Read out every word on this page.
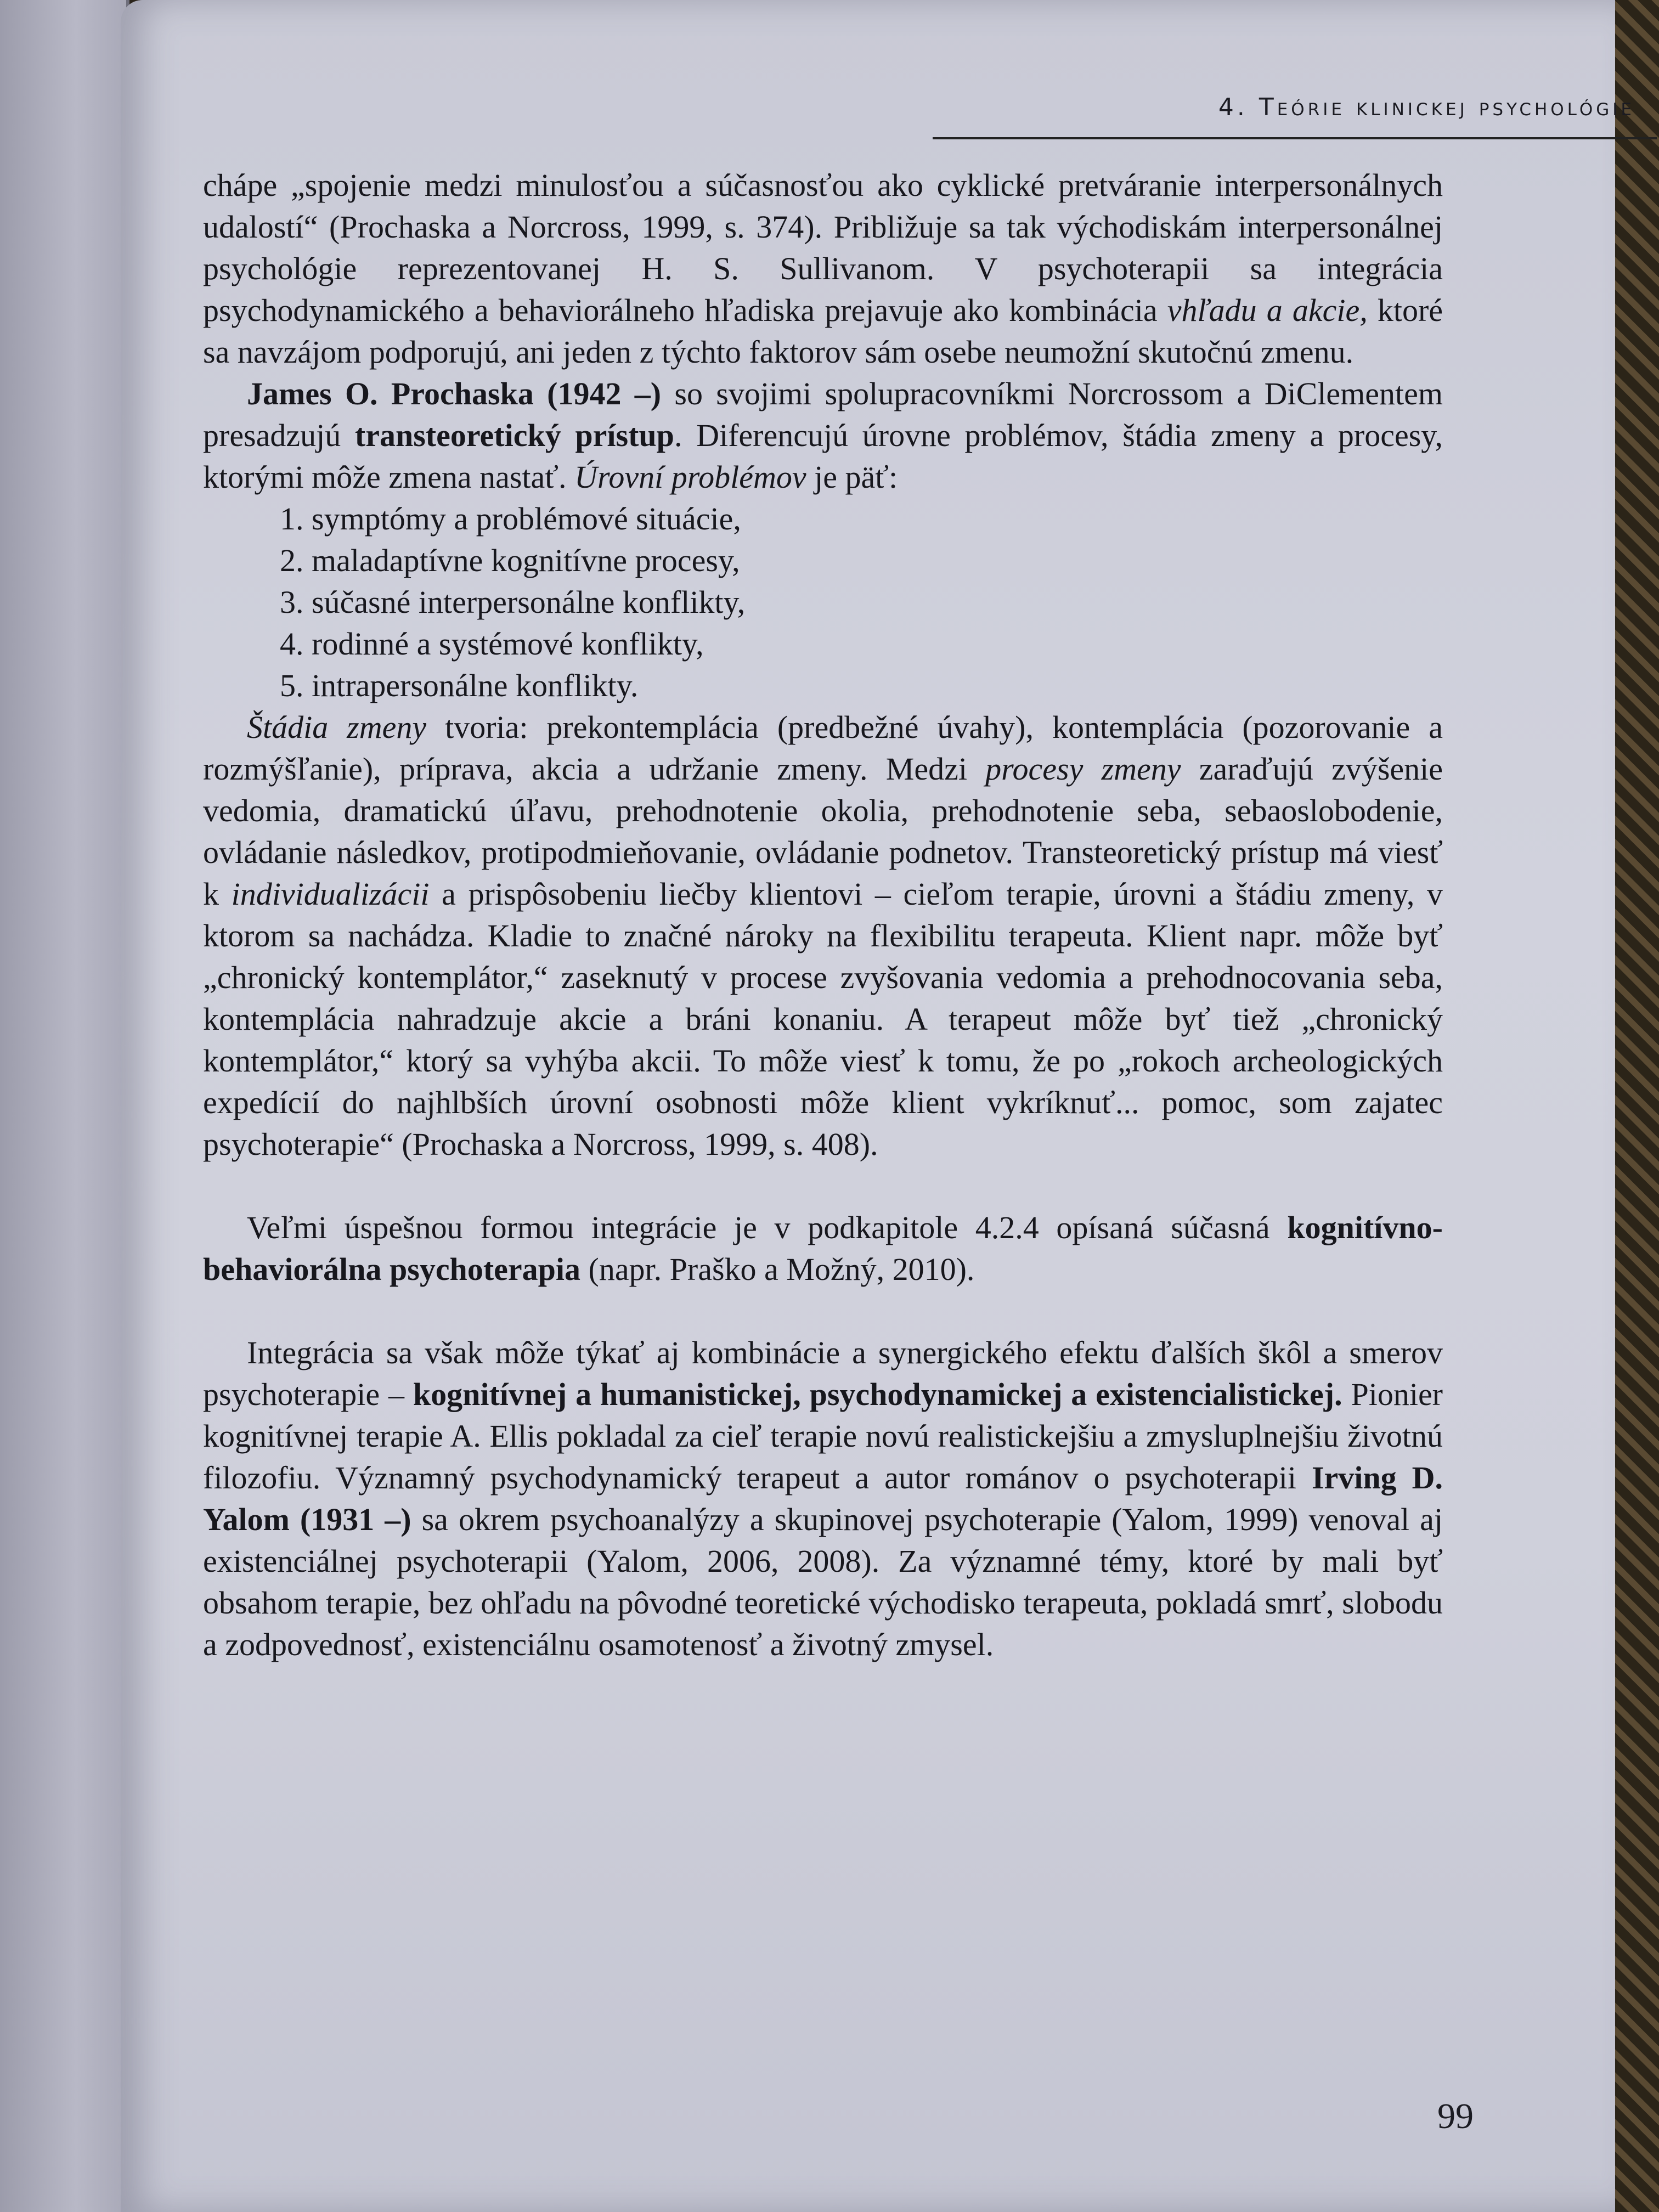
4. Teórie klinickej psychológie

chápe „spojenie medzi minulosťou a súčasnosťou ako cyklické pretváranie interpersonálnych udalostí“ (Prochaska a Norcross, 1999, s. 374). Približuje sa tak východiskám interpersonálnej psychológie reprezentovanej H. S. Sullivanom. V psychoterapii sa integrácia psychodynamického a behaviorálneho hľadiska prejavuje ako kombinácia vhľadu a akcie, ktoré sa navzájom podporujú, ani jeden z týchto faktorov sám osebe neumožní skutočnú zmenu.

James O. Prochaska (1942 –) so svojimi spolupracovníkmi Norcrossom a DiClementem presadzujú transteoretický prístup. Diferencujú úrovne problémov, štádia zmeny a procesy, ktorými môže zmena nastať. Úrovní problémov je päť:

1. symptómy a problémové situácie,
2. maladaptívne kognitívne procesy,
3. súčasné interpersonálne konflikty,
4. rodinné a systémové konflikty,
5. intrapersonálne konflikty.

Štádia zmeny tvoria: prekontemplácia (predbežné úvahy), kontemplácia (pozorovanie a rozmýšľanie), príprava, akcia a udržanie zmeny. Medzi procesy zmeny zaraďujú zvýšenie vedomia, dramatickú úľavu, prehodnotenie okolia, prehodnotenie seba, sebaoslobodenie, ovládanie následkov, protipodmieňovanie, ovládanie podnetov. Transteoretický prístup má viesť k individualizácii a prispôsobeniu liečby klientovi – cieľom terapie, úrovni a štádiu zmeny, v ktorom sa nachádza. Kladie to značné nároky na flexibilitu terapeuta. Klient napr. môže byť „chronický kontemplátor,“ zaseknutý v procese zvyšovania vedomia a prehodnocovania seba, kontemplácia nahradzuje akcie a bráni konaniu. A terapeut môže byť tiež „chronický kontemplátor,“ ktorý sa vyhýba akcii. To môže viesť k tomu, že po „rokoch archeologických expedícií do najhlbších úrovní osobnosti môže klient vykríknuť... pomoc, som zajatec psychoterapie“ (Prochaska a Norcross, 1999, s. 408).

Veľmi úspešnou formou integrácie je v podkapitole 4.2.4 opísaná súčasná kognitívno-behaviorálna psychoterapia (napr. Praško a Možný, 2010).

Integrácia sa však môže týkať aj kombinácie a synergického efektu ďalších škôl a smerov psychoterapie – kognitívnej a humanistickej, psychodynamickej a existencialistickej. Pionier kognitívnej terapie A. Ellis pokladal za cieľ terapie novú realistickejšiu a zmysluplnejšiu životnú filozofiu. Významný psychodynamický terapeut a autor románov o psychoterapii Irving D. Yalom (1931 –) sa okrem psychoanalýzy a skupinovej psychoterapie (Yalom, 1999) venoval aj existenciálnej psychoterapii (Yalom, 2006, 2008). Za významné témy, ktoré by mali byť obsahom terapie, bez ohľadu na pôvodné teoretické východisko terapeuta, pokladá smrť, slobodu a zodpovednosť, existenciálnu osamotenosť a životný zmysel.

99
